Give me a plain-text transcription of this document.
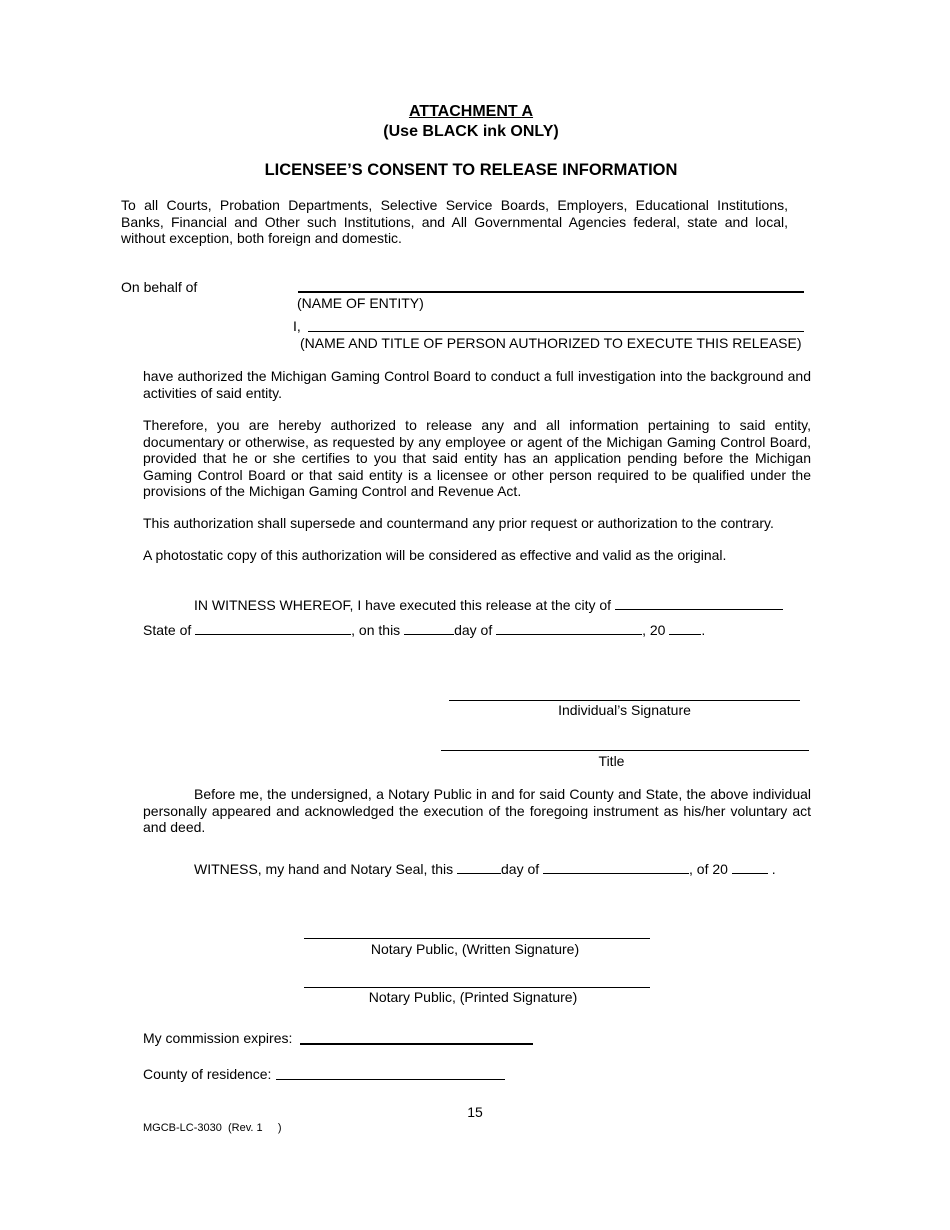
ATTACHMENT A
(Use BLACK ink ONLY)
LICENSEE’S CONSENT TO RELEASE INFORMATION
To all Courts, Probation Departments, Selective Service Boards, Employers, Educational Institutions, Banks, Financial and Other such Institutions, and All Governmental Agencies federal, state and local, without exception, both foreign and domestic.
On behalf of
(NAME OF ENTITY)
I,
(NAME AND TITLE OF PERSON AUTHORIZED TO EXECUTE THIS RELEASE)
have authorized the Michigan Gaming Control Board to conduct a full investigation into the background and activities of said entity.
Therefore, you are hereby authorized to release any and all information pertaining to said entity, documentary or otherwise, as requested by any employee or agent of the Michigan Gaming Control Board, provided that he or she certifies to you that said entity has an application pending before the Michigan Gaming Control Board or that said entity is a licensee or other person required to be qualified under the provisions of the Michigan Gaming Control and Revenue Act.
This authorization shall supersede and countermand any prior request or authorization to the contrary.
A photostatic copy of this authorization will be considered as effective and valid as the original.
IN WITNESS WHEREOF, I have executed this release at the city of
State of	, on this	day of	, 20	.
Individual’s Signature
Title
Before me, the undersigned, a Notary Public in and for said County and State, the above individual personally appeared and acknowledged the execution of the foregoing instrument as his/her voluntary act and deed.
WITNESS, my hand and Notary Seal, this	day of	, of 20	.
Notary Public, (Written Signature)
Notary Public, (Printed Signature)
My commission expires:
County of residence:
15
MGCB-LC-3030  (Rev. 1     )
